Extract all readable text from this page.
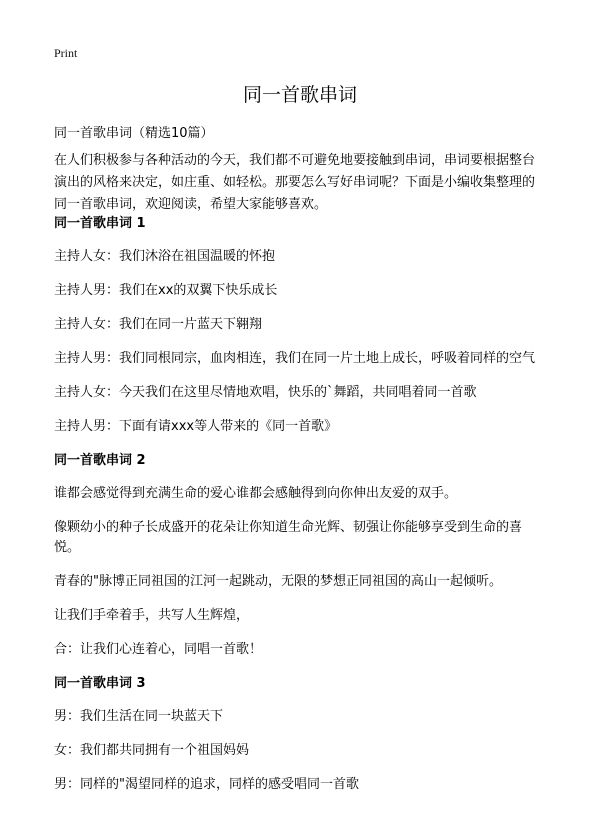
Print
同一首歌串词
同一首歌串词（精选10篇）
在人们积极参与各种活动的今天，我们都不可避免地要接触到串词，串词要根据整台演出的风格来决定，如庄重、如轻松。那要怎么写好串词呢？下面是小编收集整理的同一首歌串词，欢迎阅读，希望大家能够喜欢。
同一首歌串词 1
主持人女：我们沐浴在祖国温暖的怀抱
主持人男：我们在xx的双翼下快乐成长
主持人女：我们在同一片蓝天下翱翔
主持人男：我们同根同宗，血肉相连，我们在同一片土地上成长，呼吸着同样的空气
主持人女：今天我们在这里尽情地欢唱，快乐的`舞蹈，共同唱着同一首歌
主持人男：下面有请xxx等人带来的《同一首歌》
同一首歌串词 2
谁都会感觉得到充满生命的爱心谁都会感触得到向你伸出友爱的双手。
像颗幼小的种子长成盛开的花朵让你知道生命光辉、韧强让你能够享受到生命的喜悦。
青春的"脉博正同祖国的江河一起跳动，无限的梦想正同祖国的高山一起倾听。
让我们手牵着手，共写人生辉煌，
合：让我们心连着心，同唱一首歌！
同一首歌串词 3
男：我们生活在同一块蓝天下
女：我们都共同拥有一个祖国妈妈
男：同样的"渴望同样的追求，同样的感受唱同一首歌
